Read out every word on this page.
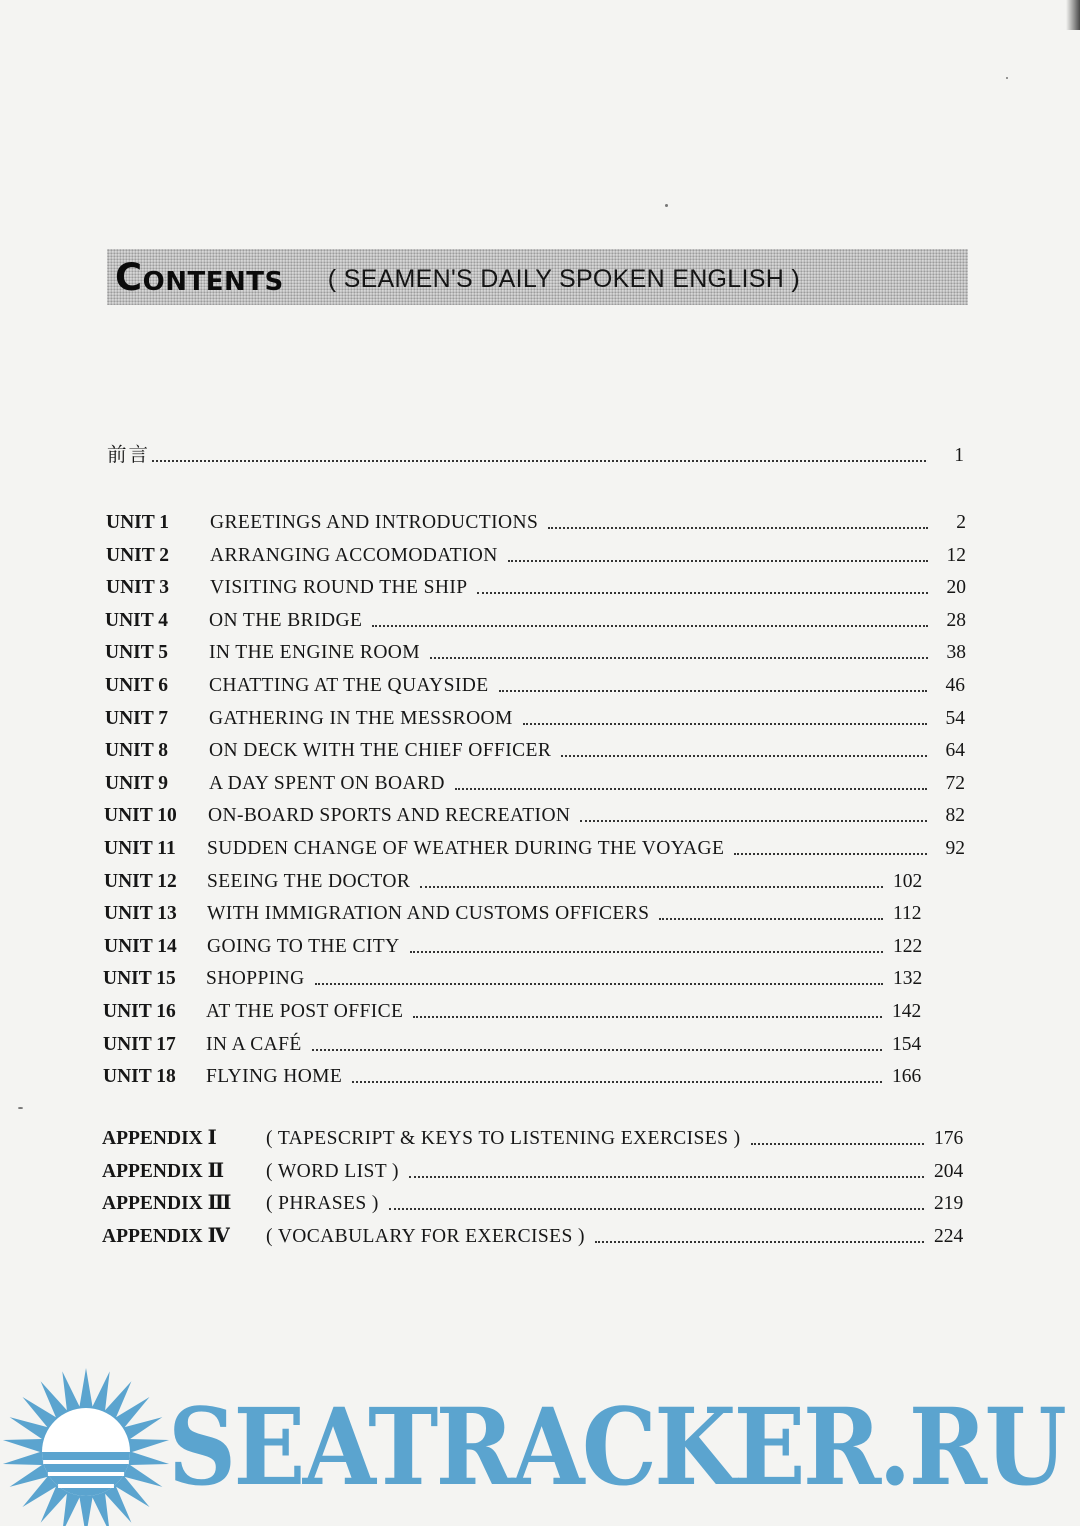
Contents ( SEAMEN'S DAILY SPOKEN ENGLISH )
前言	1
UNIT 1	GREETINGS AND INTRODUCTIONS	2
UNIT 2	ARRANGING ACCOMODATION	12
UNIT 3	VISITING ROUND THE SHIP	20
UNIT 4	ON THE BRIDGE	28
UNIT 5	IN THE ENGINE ROOM	38
UNIT 6	CHATTING AT THE QUAYSIDE	46
UNIT 7	GATHERING IN THE MESSROOM	54
UNIT 8	ON DECK WITH THE CHIEF OFFICER	64
UNIT 9	A DAY SPENT ON BOARD	72
UNIT 10	ON-BOARD SPORTS AND RECREATION	82
UNIT 11	SUDDEN CHANGE OF WEATHER DURING THE VOYAGE	92
UNIT 12	SEEING THE DOCTOR	102
UNIT 13	WITH IMMIGRATION AND CUSTOMS OFFICERS	112
UNIT 14	GOING TO THE CITY	122
UNIT 15	SHOPPING	132
UNIT 16	AT THE POST OFFICE	142
UNIT 17	IN A CAFÉ	154
UNIT 18	FLYING HOME	166
APPENDIX Ⅰ	( TAPESCRIPT & KEYS TO LISTENING EXERCISES )	176
APPENDIX Ⅱ	( WORD LIST )	204
APPENDIX Ⅲ	( PHRASES )	219
APPENDIX Ⅳ	( VOCABULARY FOR EXERCISES )	224
SEATRACKER.RU
